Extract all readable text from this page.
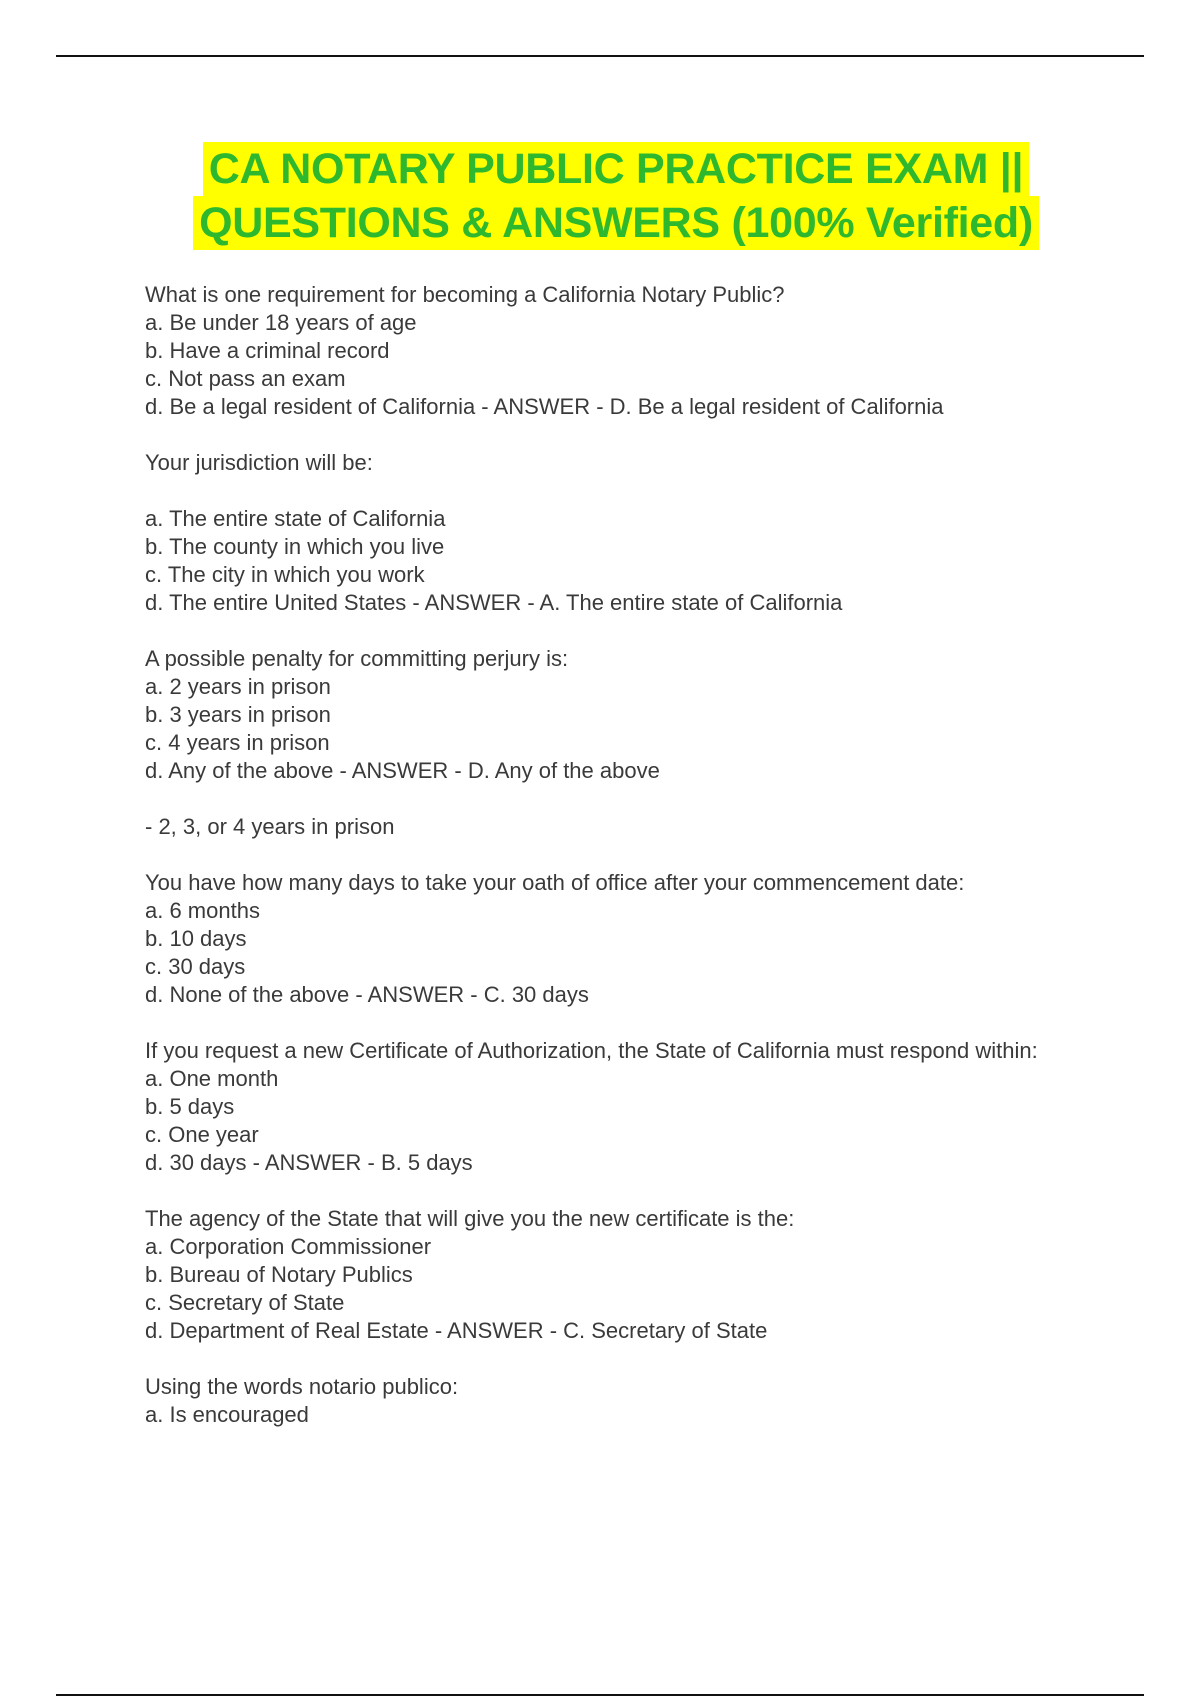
CA NOTARY PUBLIC PRACTICE EXAM ||
QUESTIONS & ANSWERS (100% Verified)
What is one requirement for becoming a California Notary Public?
a. Be under 18 years of age
b. Have a criminal record
c. Not pass an exam
d. Be a legal resident of California - ANSWER - D. Be a legal resident of California
Your jurisdiction will be:
a. The entire state of California
b. The county in which you live
c. The city in which you work
d. The entire United States - ANSWER - A. The entire state of California
A possible penalty for committing perjury is:
a. 2 years in prison
b. 3 years in prison
c. 4 years in prison
d. Any of the above - ANSWER - D. Any of the above
- 2, 3, or 4 years in prison
You have how many days to take your oath of office after your commencement date:
a. 6 months
b. 10 days
c. 30 days
d. None of the above - ANSWER - C. 30 days
If you request a new Certificate of Authorization, the State of California must respond within:
a. One month
b. 5 days
c. One year
d. 30 days - ANSWER - B. 5 days
The agency of the State that will give you the new certificate is the:
a. Corporation Commissioner
b. Bureau of Notary Publics
c. Secretary of State
d. Department of Real Estate - ANSWER - C. Secretary of State
Using the words notario publico:
a. Is encouraged
